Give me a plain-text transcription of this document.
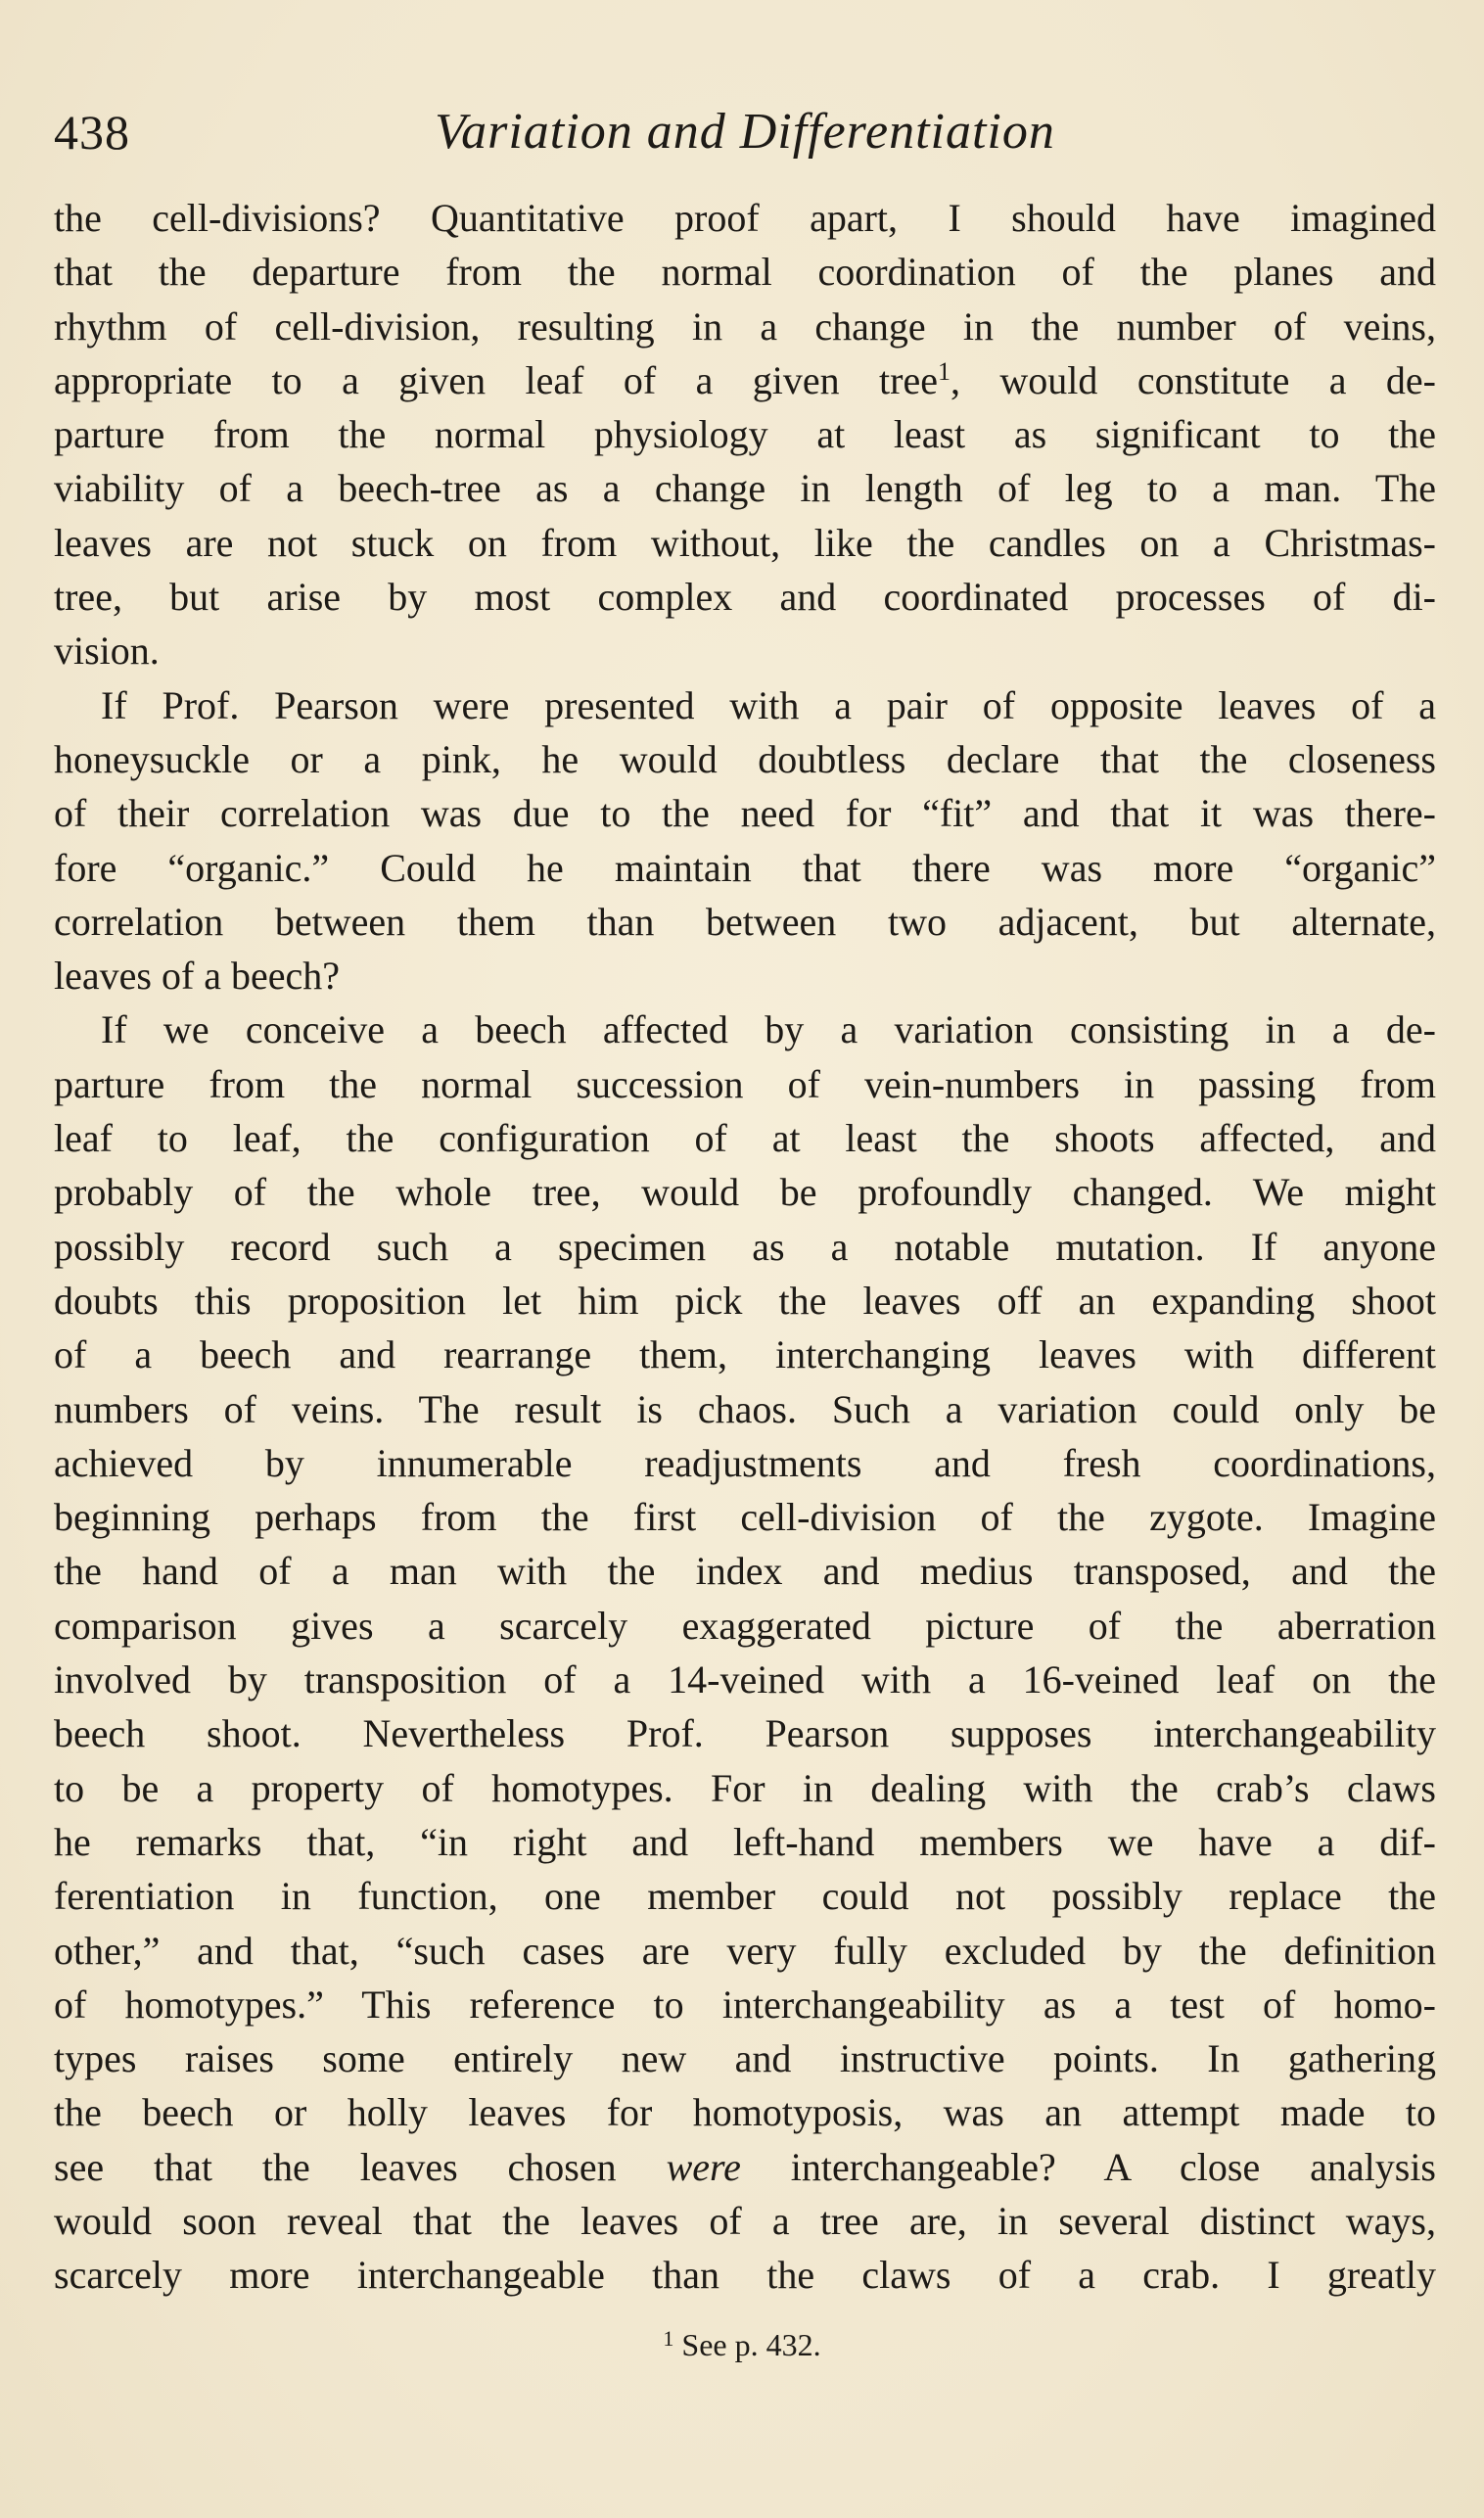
438	Variation and Differentiation
the cell-divisions? Quantitative proof apart, I should have imagined
that the departure from the normal coordination of the planes and
rhythm of cell-division, resulting in a change in the number of veins,
appropriate to a given leaf of a given tree$^1$, would constitute a de-
parture from the normal physiology at least as significant to the
viability of a beech-tree as a change in length of leg to a man. The
leaves are not stuck on from without, like the candles on a Christmas-
tree, but arise by most complex and coordinated processes of di-
vision.
If Prof. Pearson were presented with a pair of opposite leaves of a
honeysuckle or a pink, he would doubtless declare that the closeness
of their correlation was due to the need for “fit” and that it was there-
fore “organic.” Could he maintain that there was more “organic”
correlation between them than between two adjacent, but alternate,
leaves of a beech?
If we conceive a beech affected by a variation consisting in a de-
parture from the normal succession of vein-numbers in passing from
leaf to leaf, the configuration of at least the shoots affected, and
probably of the whole tree, would be profoundly changed. We might
possibly record such a specimen as a notable mutation. If anyone
doubts this proposition let him pick the leaves off an expanding shoot
of a beech and rearrange them, interchanging leaves with different
numbers of veins. The result is chaos. Such a variation could only be
achieved by innumerable readjustments and fresh coordinations,
beginning perhaps from the first cell-division of the zygote. Imagine
the hand of a man with the index and medius transposed, and the
comparison gives a scarcely exaggerated picture of the aberration
involved by transposition of a 14-veined with a 16-veined leaf on the
beech shoot. Nevertheless Prof. Pearson supposes interchangeability
to be a property of homotypes. For in dealing with the crab’s claws
he remarks that, “in right and left-hand members we have a dif-
ferentiation in function, one member could not possibly replace the
other,” and that, “such cases are very fully excluded by the definition
of homotypes.” This reference to interchangeability as a test of homo-
types raises some entirely new and instructive points. In gathering
the beech or holly leaves for homotyposis, was an attempt made to
see that the leaves chosen were interchangeable? A close analysis
would soon reveal that the leaves of a tree are, in several distinct ways,
scarcely more interchangeable than the claws of a crab. I greatly
$^1$ See p. 432.
